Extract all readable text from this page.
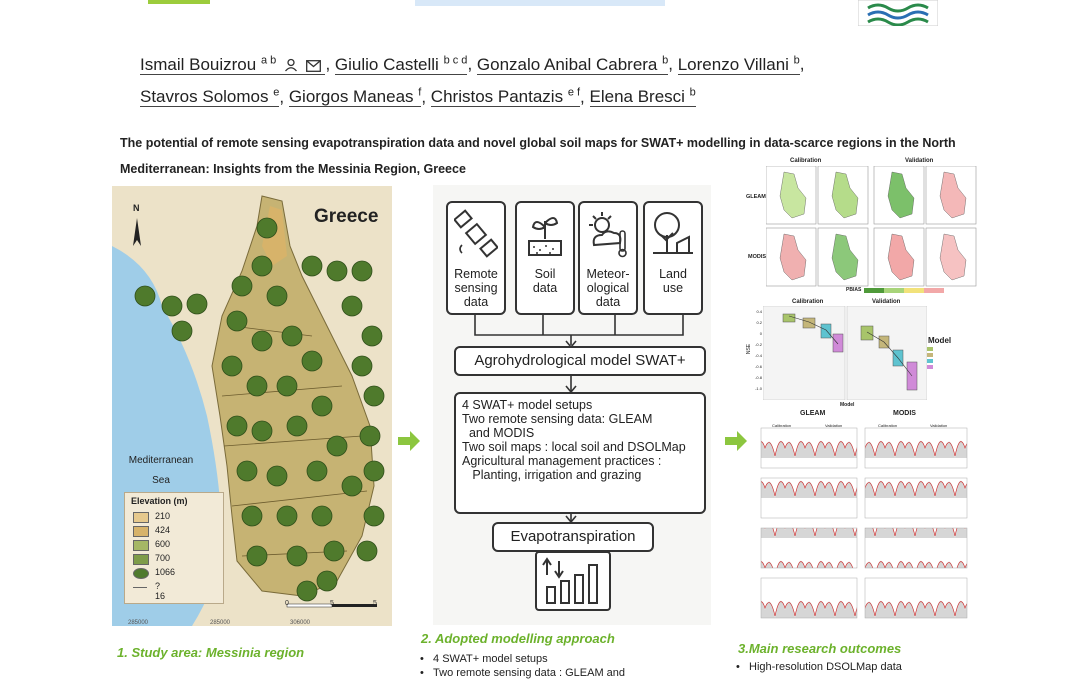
Ismail Bouizrou $^{a b}$	, Giulio Castelli $^{b c d}$, Gonzalo Anibal Cabrera $^b$, Lorenzo Villani $^b$,
Stavros Solomos $^e$, Giorgos Maneas $^f$, Christos Pantazis $^{e f}$, Elena Bresci $^b$
The potential of remote sensing evapotranspiration data and novel global soil maps for SWAT+ modelling in data-scarce regions in the North Mediterranean: Insights from the Messinia Region, Greece
N	Greece
Mediterranean
Sea
Elevation (m)
210
424
600
700
1066
?16
0	5	5
285000	285000	306000
Remote
sensing
data
Soil
data
Meteor-
ological
data
Land
use
Agrohydrological model SWAT+
4 SWAT+ model setups
Two remote sensing data: GLEAM
and MODIS
Two soil maps : local soil and DSOLMap
Agricultural management practices :
Planting, irrigation and grazing
Evapotranspiration
Calibration	Validation
GLEAM
MODIS
PBIAS
Calibration	Validation
NSE
Model
Model
0.4
0.2
0
-0.2
-0.4
-0.6
-0.8
-1.0
GLEAM	MODIS
Calibration	Validation	Calibration	Validation
1. Study area: Messinia region
2. Adopted modelling approach
3.Main research outcomes
•   4 SWAT+ model setups
•   Two remote sensing data : GLEAM and	•   High-resolution DSOLMap data
